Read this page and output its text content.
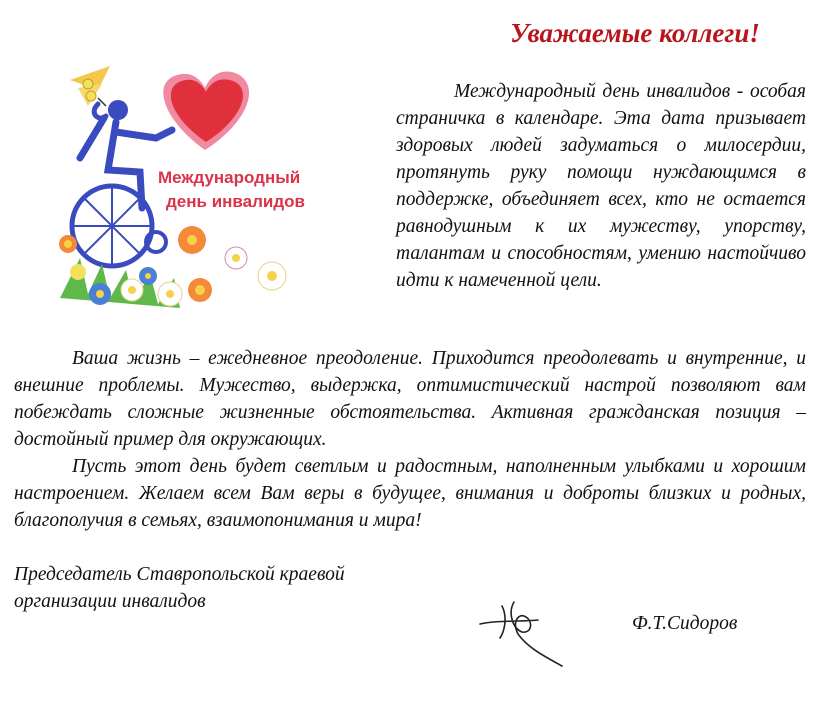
Уважаемые коллеги!
Международный
день инвалидов

Международный день инвалидов - особая страничка в календаре. Эта дата призывает здоровых людей задуматься о милосердии, протянуть руку помощи нуждающимся в поддержке, объединяет всех, кто не остается равнодушным к их мужеству, упорству, талантам и способностям, умению настойчиво идти к намеченной цели.

Ваша жизнь – ежедневное преодоление. Приходится преодолевать и внутренние, и внешние проблемы. Мужество, выдержка, оптимистический настрой позволяют вам побеждать сложные жизненные обстоятельства. Активная гражданская позиция – достойный пример для окружающих.

Пусть этот день будет светлым и радостным, наполненным улыбками и хорошим настроением. Желаем всем Вам веры в будущее, внимания и доброты близких и родных, благополучия в семьях, взаимопонимания и мира!

Председатель Ставропольской краевой
организации инвалидов
Ф.Т.Сидоров
